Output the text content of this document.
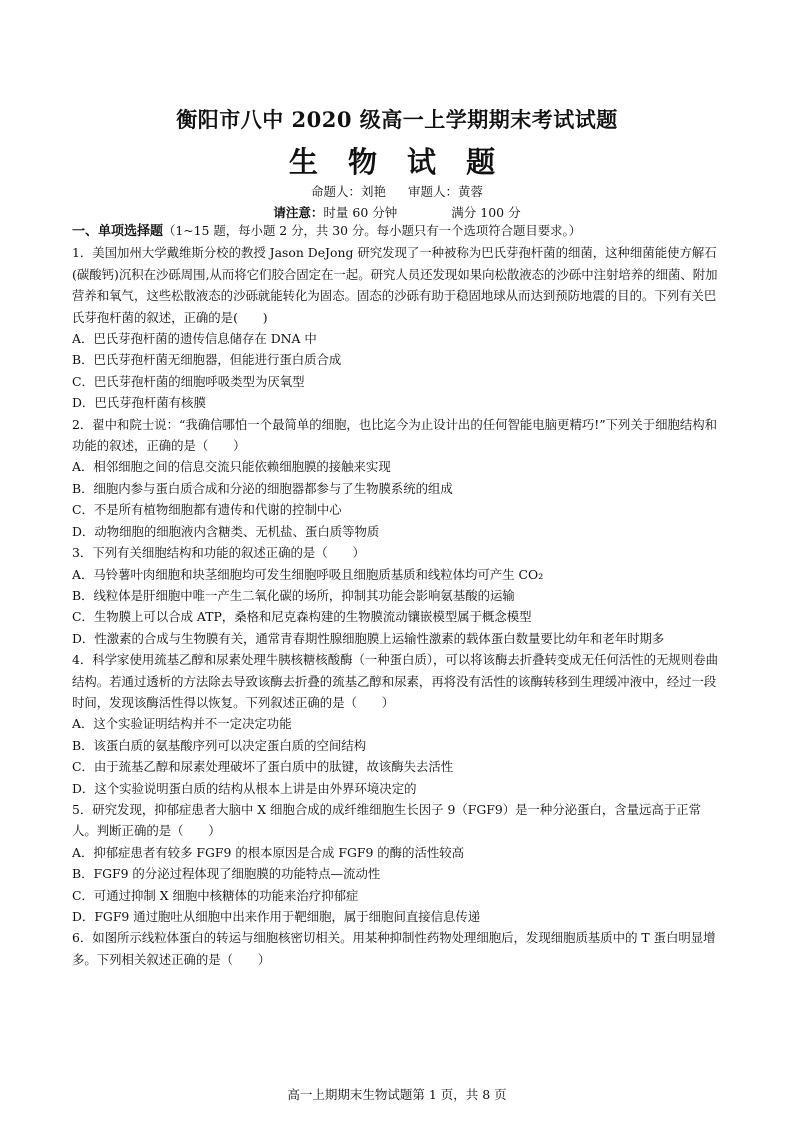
衡阳市八中 2020 级高一上学期期末考试试题
生 物 试 题
命题人：刘艳 审题人：黄蓉
请注意：时量 60 分钟	满分 100 分
一、单项选择题（1~15 题，每小题 2 分，共 30 分。每小题只有一个选项符合题目要求。）
1．美国加州大学戴维斯分校的教授 Jason DeJong 研究发现了一种被称为巴氏芽孢杆菌的细菌，这种细菌能使方解石(碳酸钙)沉积在沙砾周围,从而将它们胶合固定在一起。研究人员还发现如果向松散液态的沙砾中注射培养的细菌、附加营养和氧气，这些松散液态的沙砾就能转化为固态。固态的沙砾有助于稳固地球从而达到预防地震的目的。下列有关巴氏芽孢杆菌的叙述，正确的是(　　)
A．巴氏芽孢杆菌的遗传信息储存在 DNA 中
B．巴氏芽孢杆菌无细胞器，但能进行蛋白质合成
C．巴氏芽孢杆菌的细胞呼吸类型为厌氧型
D．巴氏芽孢杆菌有核膜
2．翟中和院士说：“我确信哪怕一个最简单的细胞，也比迄今为止设计出的任何智能电脑更精巧!”下列关于细胞结构和功能的叙述，正确的是（　　）
A．相邻细胞之间的信息交流只能依赖细胞膜的接触来实现
B．细胞内参与蛋白质合成和分泌的细胞器都参与了生物膜系统的组成
C．不是所有植物细胞都有遗传和代谢的控制中心
D．动物细胞的细胞液内含糖类、无机盐、蛋白质等物质
3．下列有关细胞结构和功能的叙述正确的是（　　）
A．马铃薯叶肉细胞和块茎细胞均可发生细胞呼吸且细胞质基质和线粒体均可产生 CO₂
B．线粒体是肝细胞中唯一产生二氧化碳的场所，抑制其功能会影响氨基酸的运输
C．生物膜上可以合成 ATP，桑格和尼克森构建的生物膜流动镶嵌模型属于概念模型
D．性激素的合成与生物膜有关，通常青春期性腺细胞膜上运输性激素的载体蛋白数量要比幼年和老年时期多
4．科学家使用巯基乙醇和尿素处理牛胰核糖核酸酶（一种蛋白质），可以将该酶去折叠转变成无任何活性的无规则卷曲结构。若通过透析的方法除去导致该酶去折叠的巯基乙醇和尿素，再将没有活性的该酶转移到生理缓冲液中，经过一段时间，发现该酶活性得以恢复。下列叙述正确的是（　　）
A．这个实验证明结构并不一定决定功能
B．该蛋白质的氨基酸序列可以决定蛋白质的空间结构
C．由于巯基乙醇和尿素处理破坏了蛋白质中的肽键，故该酶失去活性
D．这个实验说明蛋白质的结构从根本上讲是由外界环境决定的
5．研究发现，抑郁症患者大脑中 X 细胞合成的成纤维细胞生长因子 9（FGF9）是一种分泌蛋白，含量远高于正常人。判断正确的是（　　）
A．抑郁症患者有较多 FGF9 的根本原因是合成 FGF9 的酶的活性较高
B．FGF9 的分泌过程体现了细胞膜的功能特点—流动性
C．可通过抑制 X 细胞中核糖体的功能来治疗抑郁症
D．FGF9 通过胞吐从细胞中出来作用于靶细胞，属于细胞间直接信息传递
6．如图所示线粒体蛋白的转运与细胞核密切相关。用某种抑制性药物处理细胞后，发现细胞质基质中的 T 蛋白明显增多。下列相关叙述正确的是（　　）
高一上期期末生物试题第 1 页，共 8 页
